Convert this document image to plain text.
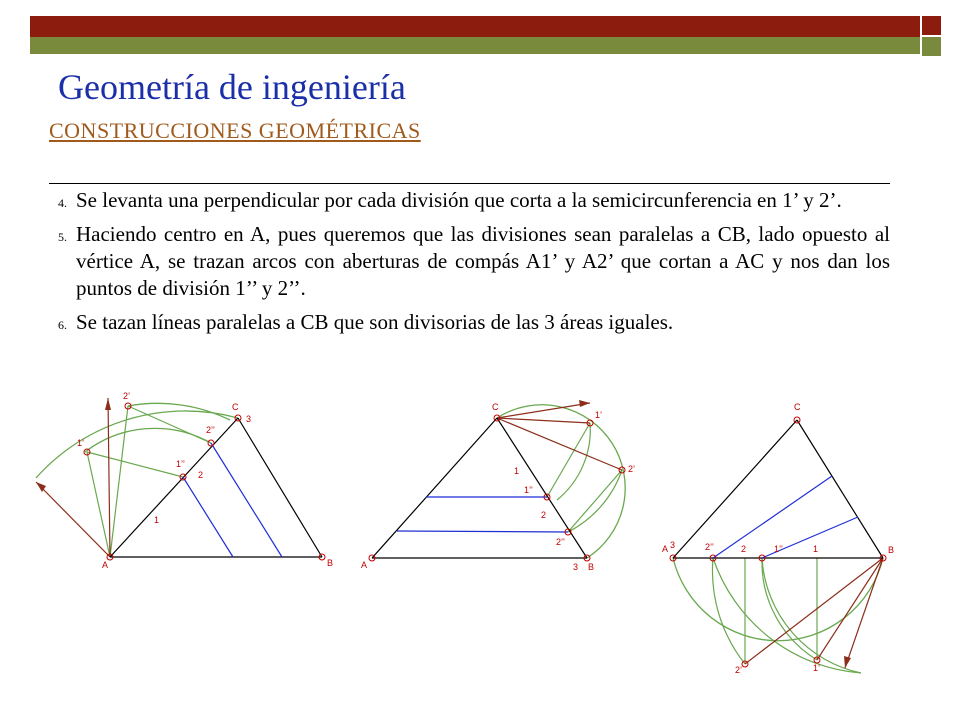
Geometría de ingeniería
CONSTRUCCIONES GEOMÉTRICAS
4. Se levanta una perpendicular por cada división que corta a la semicircunferencia en 1’ y 2’.
5. Haciendo centro en A, pues queremos que las divisiones sean paralelas a CB, lado opuesto al vértice A, se trazan arcos con aberturas de compás A1’ y A2’ que cortan a AC y nos dan los puntos de división 1’’ y 2’’.
6. Se tazan líneas paralelas a CB que son divisorias de las 3 áreas iguales.
A	B
C
3
2’’
1’’
2
1
2’
1’
C
1’
2’
1
1’’
2
2’’
A	3 B
C
A 3	2’’	2	1’’	1	B
2’	1’
